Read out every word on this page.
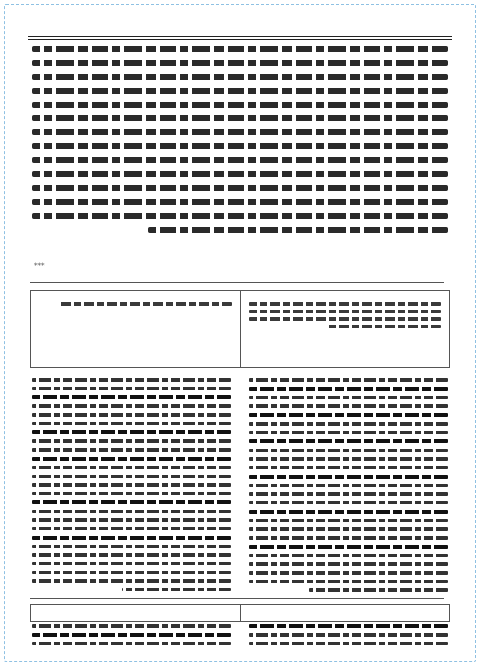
***
